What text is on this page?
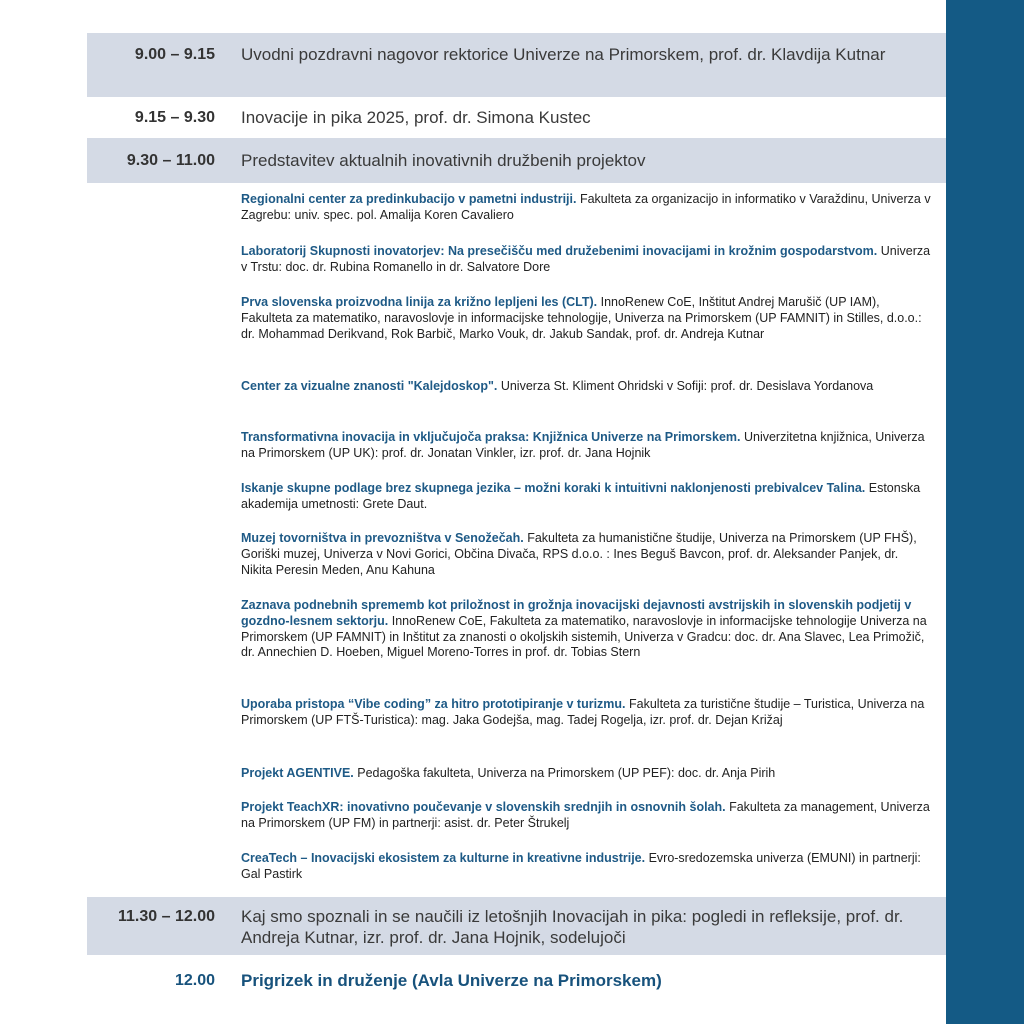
9.00 – 9.15 Uvodni pozdravni nagovor rektorice Univerze na Primorskem, prof. dr. Klavdija Kutnar
9.15 – 9.30 Inovacije in pika 2025, prof. dr. Simona Kustec
9.30 – 11.00 Predstavitev aktualnih inovativnih družbenih projektov
Regionalni center za predinkubacijo v pametni industriji. Fakulteta za organizacijo in informatiko v Varaždinu, Univerza v Zagrebu: univ. spec. pol. Amalija Koren Cavaliero
Laboratorij Skupnosti inovatorjev: Na presečišču med družebenimi inovacijami in krožnim gospodarstvom. Univerza v Trstu: doc. dr. Rubina Romanello in dr. Salvatore Dore
Prva slovenska proizvodna linija za križno lepljeni les (CLT). InnoRenew CoE, Inštitut Andrej Marušič (UP IAM), Fakulteta za matematiko, naravoslovje in informacijske tehnologije, Univerza na Primorskem (UP FAMNIT) in Stilles, d.o.o.: dr. Mohammad Derikvand, Rok Barbič, Marko Vouk, dr. Jakub Sandak, prof. dr. Andreja Kutnar
Center za vizualne znanosti "Kalejdoskop". Univerza St. Kliment Ohridski v Sofiji: prof. dr. Desislava Yordanova
Transformativna inovacija in vključujoča praksa: Knjižnica Univerze na Primorskem. Univerzitetna knjižnica, Univerza na Primorskem (UP UK): prof. dr. Jonatan Vinkler, izr. prof. dr. Jana Hojnik
Iskanje skupne podlage brez skupnega jezika – možni koraki k intuitivni naklonjenosti prebivalcev Talina. Estonska akademija umetnosti: Grete Daut.
Muzej tovorništva in prevozništva v Senožečah. Fakulteta za humanistične študije, Univerza na Primorskem (UP FHŠ), Goriški muzej, Univerza v Novi Gorici, Občina Divača, RPS d.o.o. : Ines Beguš Bavcon, prof. dr. Aleksander Panjek, dr. Nikita Peresin Meden, Anu Kahuna
Zaznava podnebnih sprememb kot priložnost in grožnja inovacijski dejavnosti avstrijskih in slovenskih podjetij v gozdno-lesnem sektorju. InnoRenew CoE, Fakulteta za matematiko, naravoslovje in informacijske tehnologije Univerza na Primorskem (UP FAMNIT) in Inštitut za znanosti o okoljskih sistemih, Univerza v Gradcu: doc. dr. Ana Slavec, Lea Primožič, dr. Annechien D. Hoeben, Miguel Moreno-Torres in prof. dr. Tobias Stern
Uporaba pristopa “Vibe coding” za hitro prototipiranje v turizmu. Fakulteta za turistične študije – Turistica, Univerza na Primorskem (UP FTŠ-Turistica): mag. Jaka Godejša, mag. Tadej Rogelja, izr. prof. dr. Dejan Križaj
Projekt AGENTIVE. Pedagoška fakulteta, Univerza na Primorskem (UP PEF): doc. dr. Anja Pirih
Projekt TeachXR: inovativno poučevanje v slovenskih srednjih in osnovnih šolah. Fakulteta za management, Univerza na Primorskem (UP FM) in partnerji: asist. dr. Peter Štrukelj
CreaTech – Inovacijski ekosistem za kulturne in kreativne industrije. Evro-sredozemska univerza (EMUNI) in partnerji: Gal Pastirk
11.30 – 12.00 Kaj smo spoznali in se naučili iz letošnjih Inovacijah in pika: pogledi in refleksije, prof. dr. Andreja Kutnar, izr. prof. dr. Jana Hojnik, sodelujoči
12.00 Prigrizek in druženje (Avla Univerze na Primorskem)
